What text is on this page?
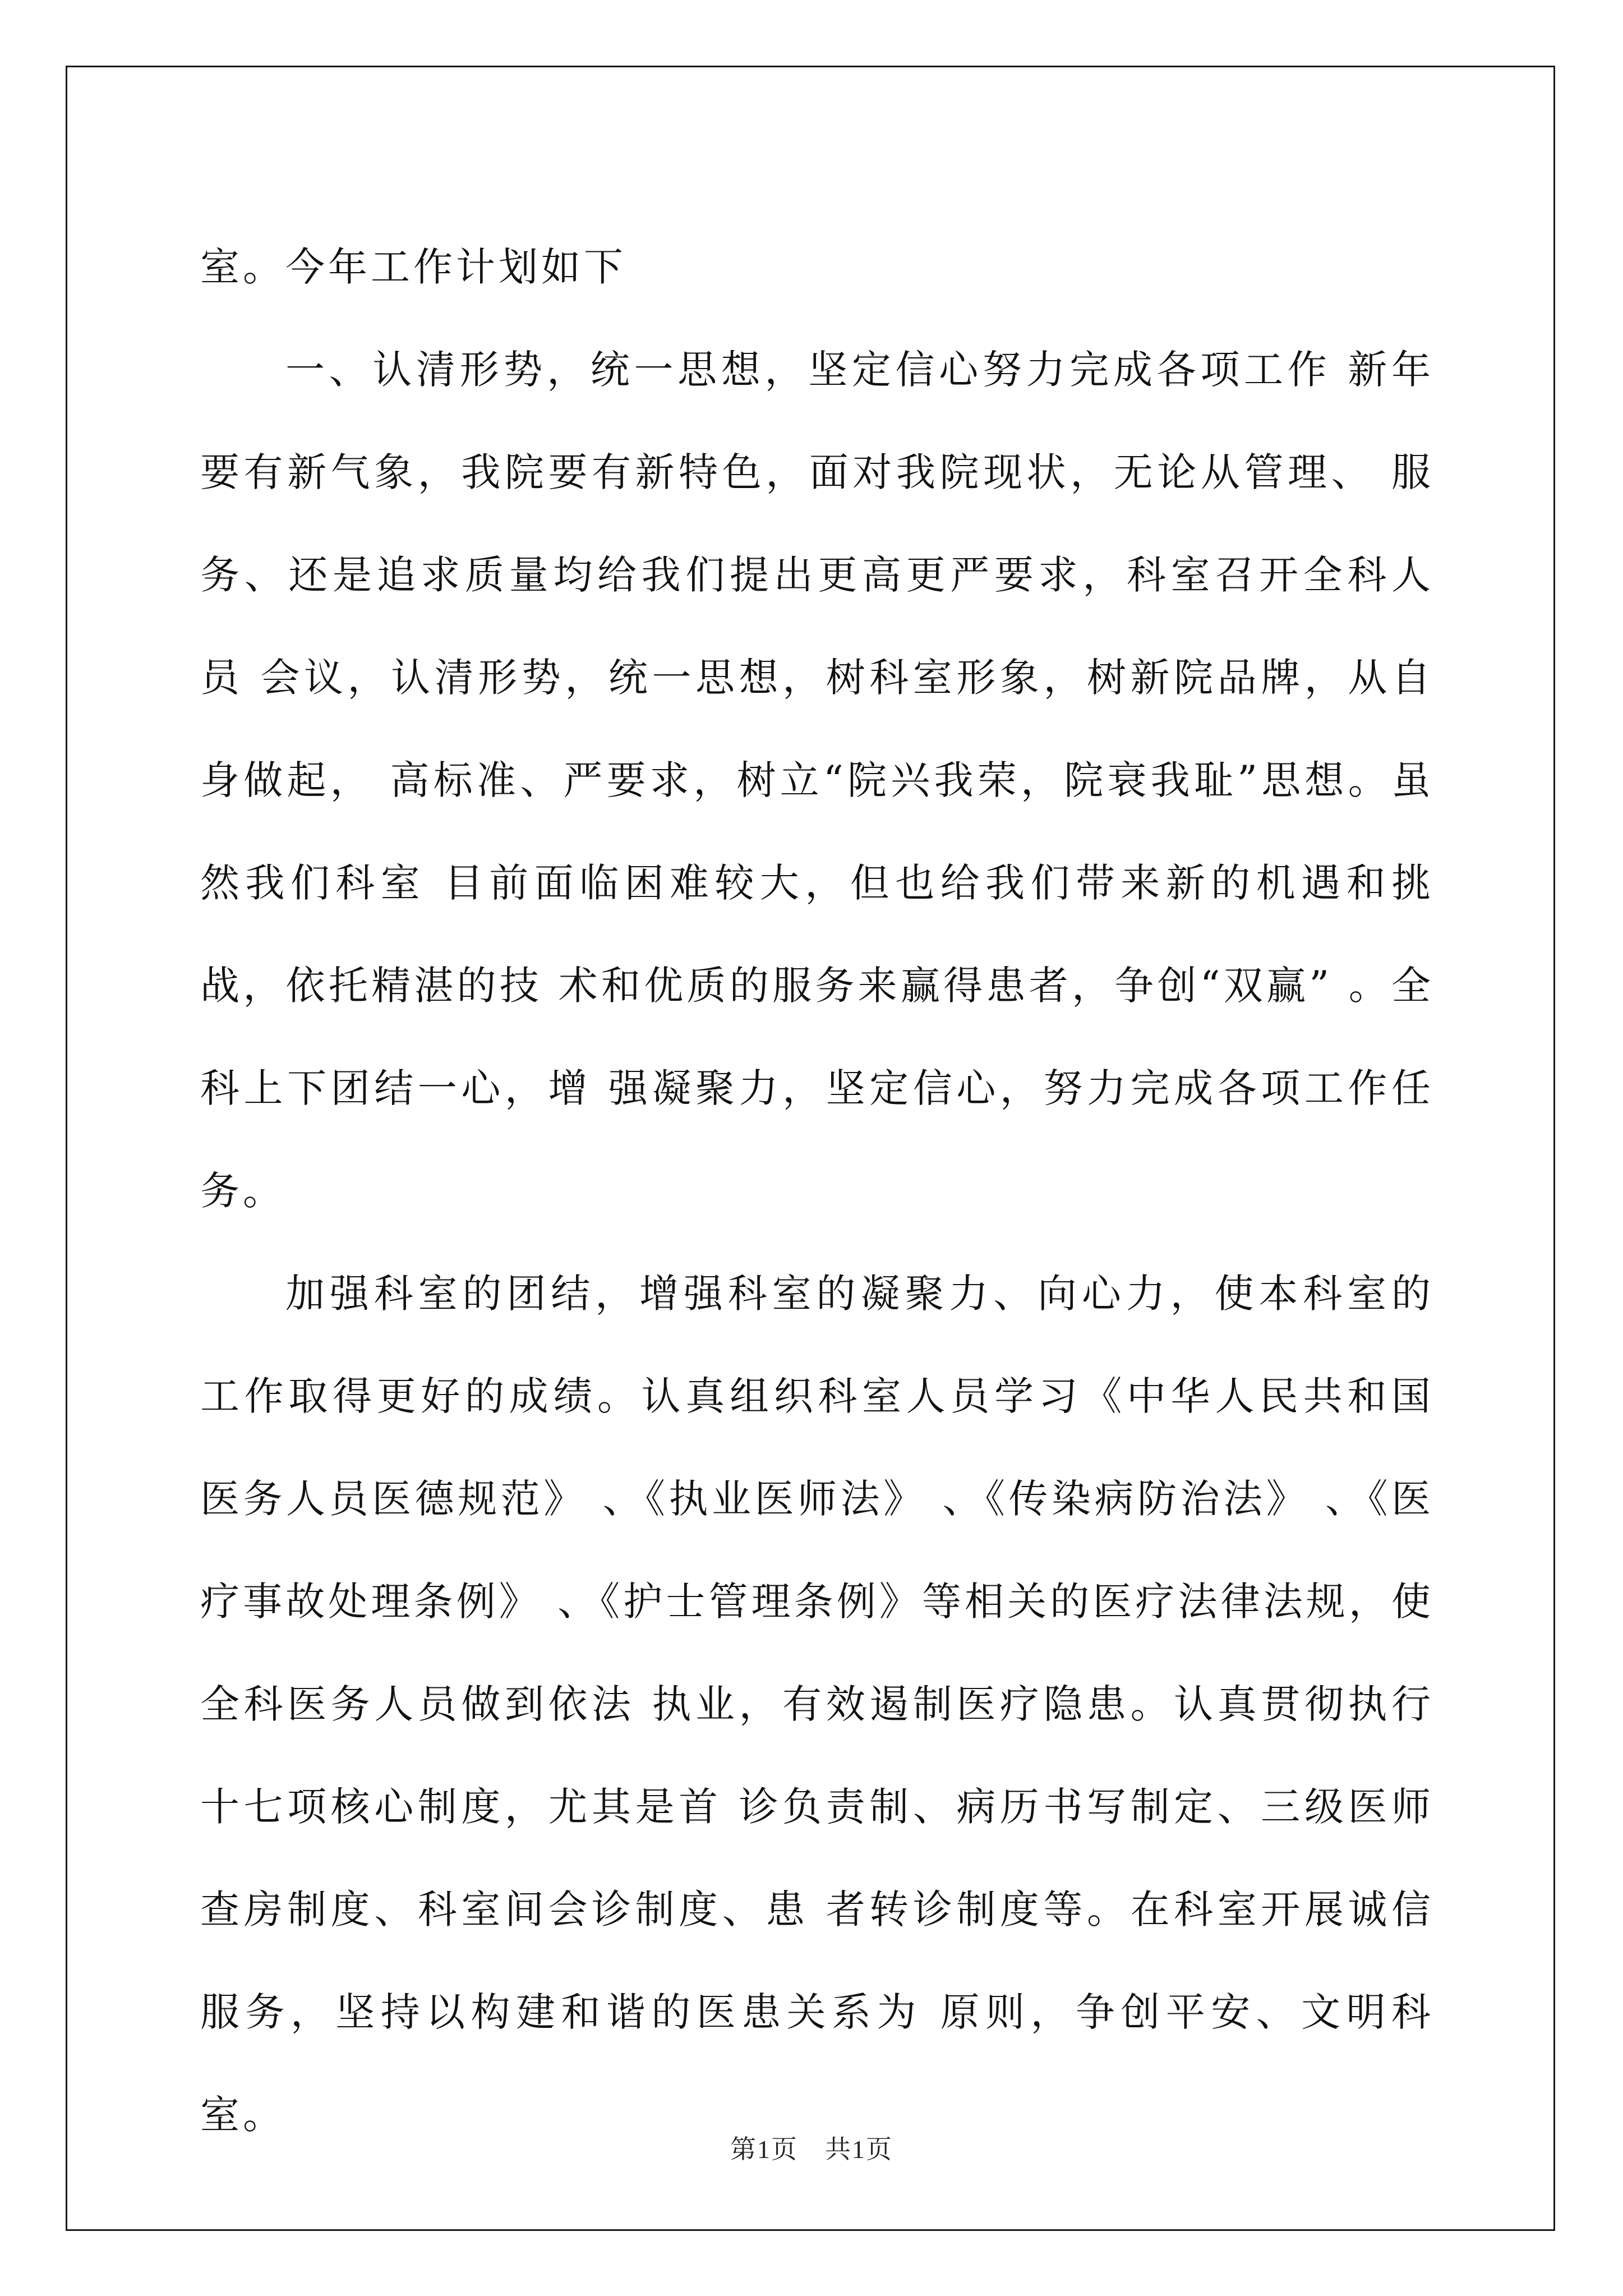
室。今年工作计划如下

一、认清形势，统一思想，坚定信心努力完成各项工作 新年要有新气象，我院要有新特色，面对我院现状，无论从管理、 服务、还是追求质量均给我们提出更高更严要求，科室召开全科人员 会议，认清形势，统一思想，树科室形象，树新院品牌，从自身做起， 高标准、严要求，树立“院兴我荣，院衰我耻”思想。虽然我们科室 目前面临困难较大，但也给我们带来新的机遇和挑战，依托精湛的技 术和优质的服务来赢得患者，争创“双赢” 。全科上下团结一心，增 强凝聚力，坚定信心，努力完成各项工作任务。

加强科室的团结，增强科室的凝聚力、向心力，使本科室的工作取得更好的成绩。认真组织科室人员学习《中华人民共和国医务人员医德规范》 、《执业医师法》 、《传染病防治法》 、《医疗事故处理条例》 、《护士管理条例》等相关的医疗法律法规，使全科医务人员做到依法 执业，有效遏制医疗隐患。认真贯彻执行十七项核心制度，尤其是首 诊负责制、病历书写制定、三级医师查房制度、科室间会诊制度、患 者转诊制度等。在科室开展诚信服务，坚持以构建和谐的医患关系为 原则，争创平安、文明科室。

第1页　共1页
